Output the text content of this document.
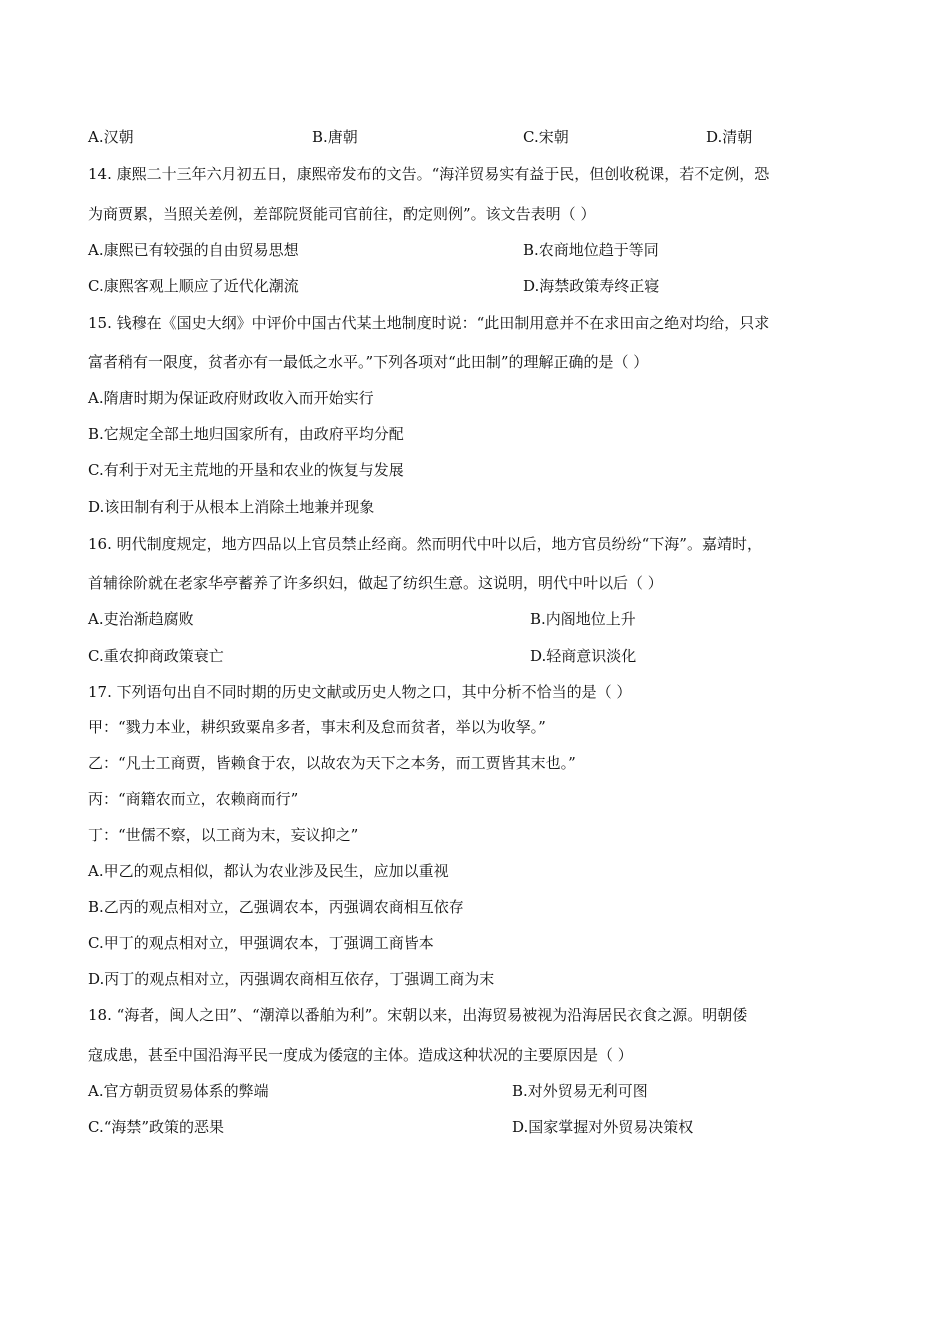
A.汉朝	B.唐朝	C.宋朝	D.清朝
14. 康熙二十三年六月初五日，康熙帝发布的文告。“海洋贸易实有益于民，但创收税课，若不定例，恐
为商贾累，当照关差例，差部院贤能司官前往，酌定则例”。该文告表明（ ）
A.康熙已有较强的自由贸易思想	B.农商地位趋于等同
C.康熙客观上顺应了近代化潮流	D.海禁政策寿终正寝
15. 钱穆在《国史大纲》中评价中国古代某土地制度时说：“此田制用意并不在求田亩之绝对均给，只求
富者稍有一限度，贫者亦有一最低之水平。”下列各项对“此田制”的理解正确的是（ ）
A.隋唐时期为保证政府财政收入而开始实行
B.它规定全部土地归国家所有，由政府平均分配
C.有利于对无主荒地的开垦和农业的恢复与发展
D.该田制有利于从根本上消除土地兼并现象
16. 明代制度规定，地方四品以上官员禁止经商。然而明代中叶以后，地方官员纷纷“下海”。嘉靖时，
首辅徐阶就在老家华亭蓄养了许多织妇，做起了纺织生意。这说明，明代中叶以后（ ）
A.吏治渐趋腐败	B.内阁地位上升
C.重农抑商政策衰亡	D.轻商意识淡化
17. 下列语句出自不同时期的历史文献或历史人物之口，其中分析不恰当的是（ ）
甲：“戮力本业，耕织致粟帛多者，事末利及怠而贫者，举以为收孥。”
乙：“凡士工商贾，皆赖食于农，以故农为天下之本务，而工贾皆其末也。”
丙：“商籍农而立，农赖商而行”
丁：“世儒不察，以工商为末，妄议抑之”
A.甲乙的观点相似，都认为农业涉及民生，应加以重视
B.乙丙的观点相对立，乙强调农本，丙强调农商相互依存
C.甲丁的观点相对立，甲强调农本，丁强调工商皆本
D.丙丁的观点相对立，丙强调农商相互依存，丁强调工商为末
18. “海者，闽人之田”、“潮漳以番舶为利”。宋朝以来，出海贸易被视为沿海居民衣食之源。明朝倭
寇成患，甚至中国沿海平民一度成为倭寇的主体。造成这种状况的主要原因是（ ）
A.官方朝贡贸易体系的弊端	B.对外贸易无利可图
C.“海禁”政策的恶果	D.国家掌握对外贸易决策权
